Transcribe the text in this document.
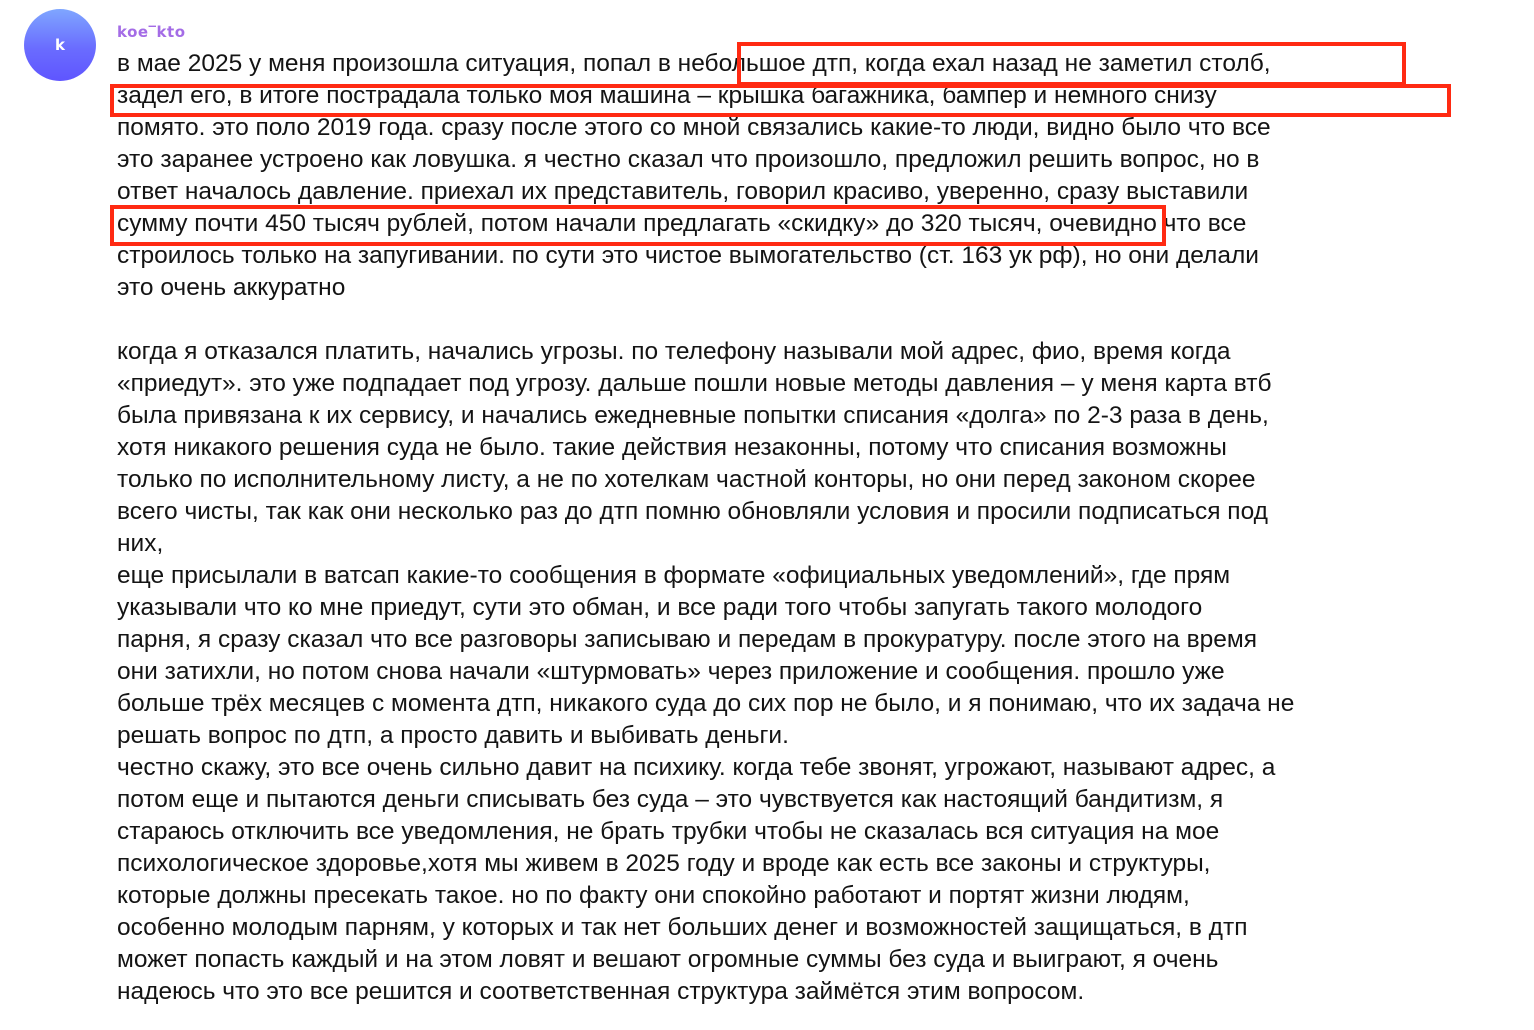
k
koe‾kto
в мае 2025 у меня произошла ситуация, попал в небольшое дтп, когда ехал назад не заметил столб,
задел его, в итоге пострадала только моя машина – крышка багажника, бампер и немного снизу
помято. это поло 2019 года. сразу после этого со мной связались какие-то люди, видно было что все
это заранее устроено как ловушка. я честно сказал что произошло, предложил решить вопрос, но в
ответ началось давление. приехал их представитель, говорил красиво, уверенно, сразу выставили
сумму почти 450 тысяч рублей, потом начали предлагать «скидку» до 320 тысяч, очевидно что все
строилось только на запугивании. по сути это чистое вымогательство (ст. 163 ук рф), но они делали
это очень аккуратно
когда я отказался платить, начались угрозы. по телефону называли мой адрес, фио, время когда
«приедут». это уже подпадает под угрозу. дальше пошли новые методы давления – у меня карта втб
была привязана к их сервису, и начались ежедневные попытки списания «долга» по 2-3 раза в день,
хотя никакого решения суда не было. такие действия незаконны, потому что списания возможны
только по исполнительному листу, а не по хотелкам частной конторы, но они перед законом скорее
всего чисты, так как они несколько раз до дтп помню обновляли условия и просили подписаться под
них,
еще присылали в ватсап какие-то сообщения в формате «официальных уведомлений», где прям
указывали что ко мне приедут, сути это обман, и все ради того чтобы запугать такого молодого
парня, я сразу сказал что все разговоры записываю и передам в прокуратуру. после этого на время
они затихли, но потом снова начали «штурмовать» через приложение и сообщения. прошло уже
больше трёх месяцев с момента дтп, никакого суда до сих пор не было, и я понимаю, что их задача не
решать вопрос по дтп, а просто давить и выбивать деньги.
честно скажу, это все очень сильно давит на психику. когда тебе звонят, угрожают, называют адрес, а
потом еще и пытаются деньги списывать без суда – это чувствуется как настоящий бандитизм, я
стараюсь отключить все уведомления, не брать трубки чтобы не сказалась вся ситуация на мое
психологическое здоровье,хотя мы живем в 2025 году и вроде как есть все законы и структуры,
которые должны пресекать такое. но по факту они спокойно работают и портят жизни людям,
особенно молодым парням, у которых и так нет больших денег и возможностей защищаться, в дтп
может попасть каждый и на этом ловят и вешают огромные суммы без суда и выиграют, я очень
надеюсь что это все решится и соответственная структура займётся этим вопросом.
